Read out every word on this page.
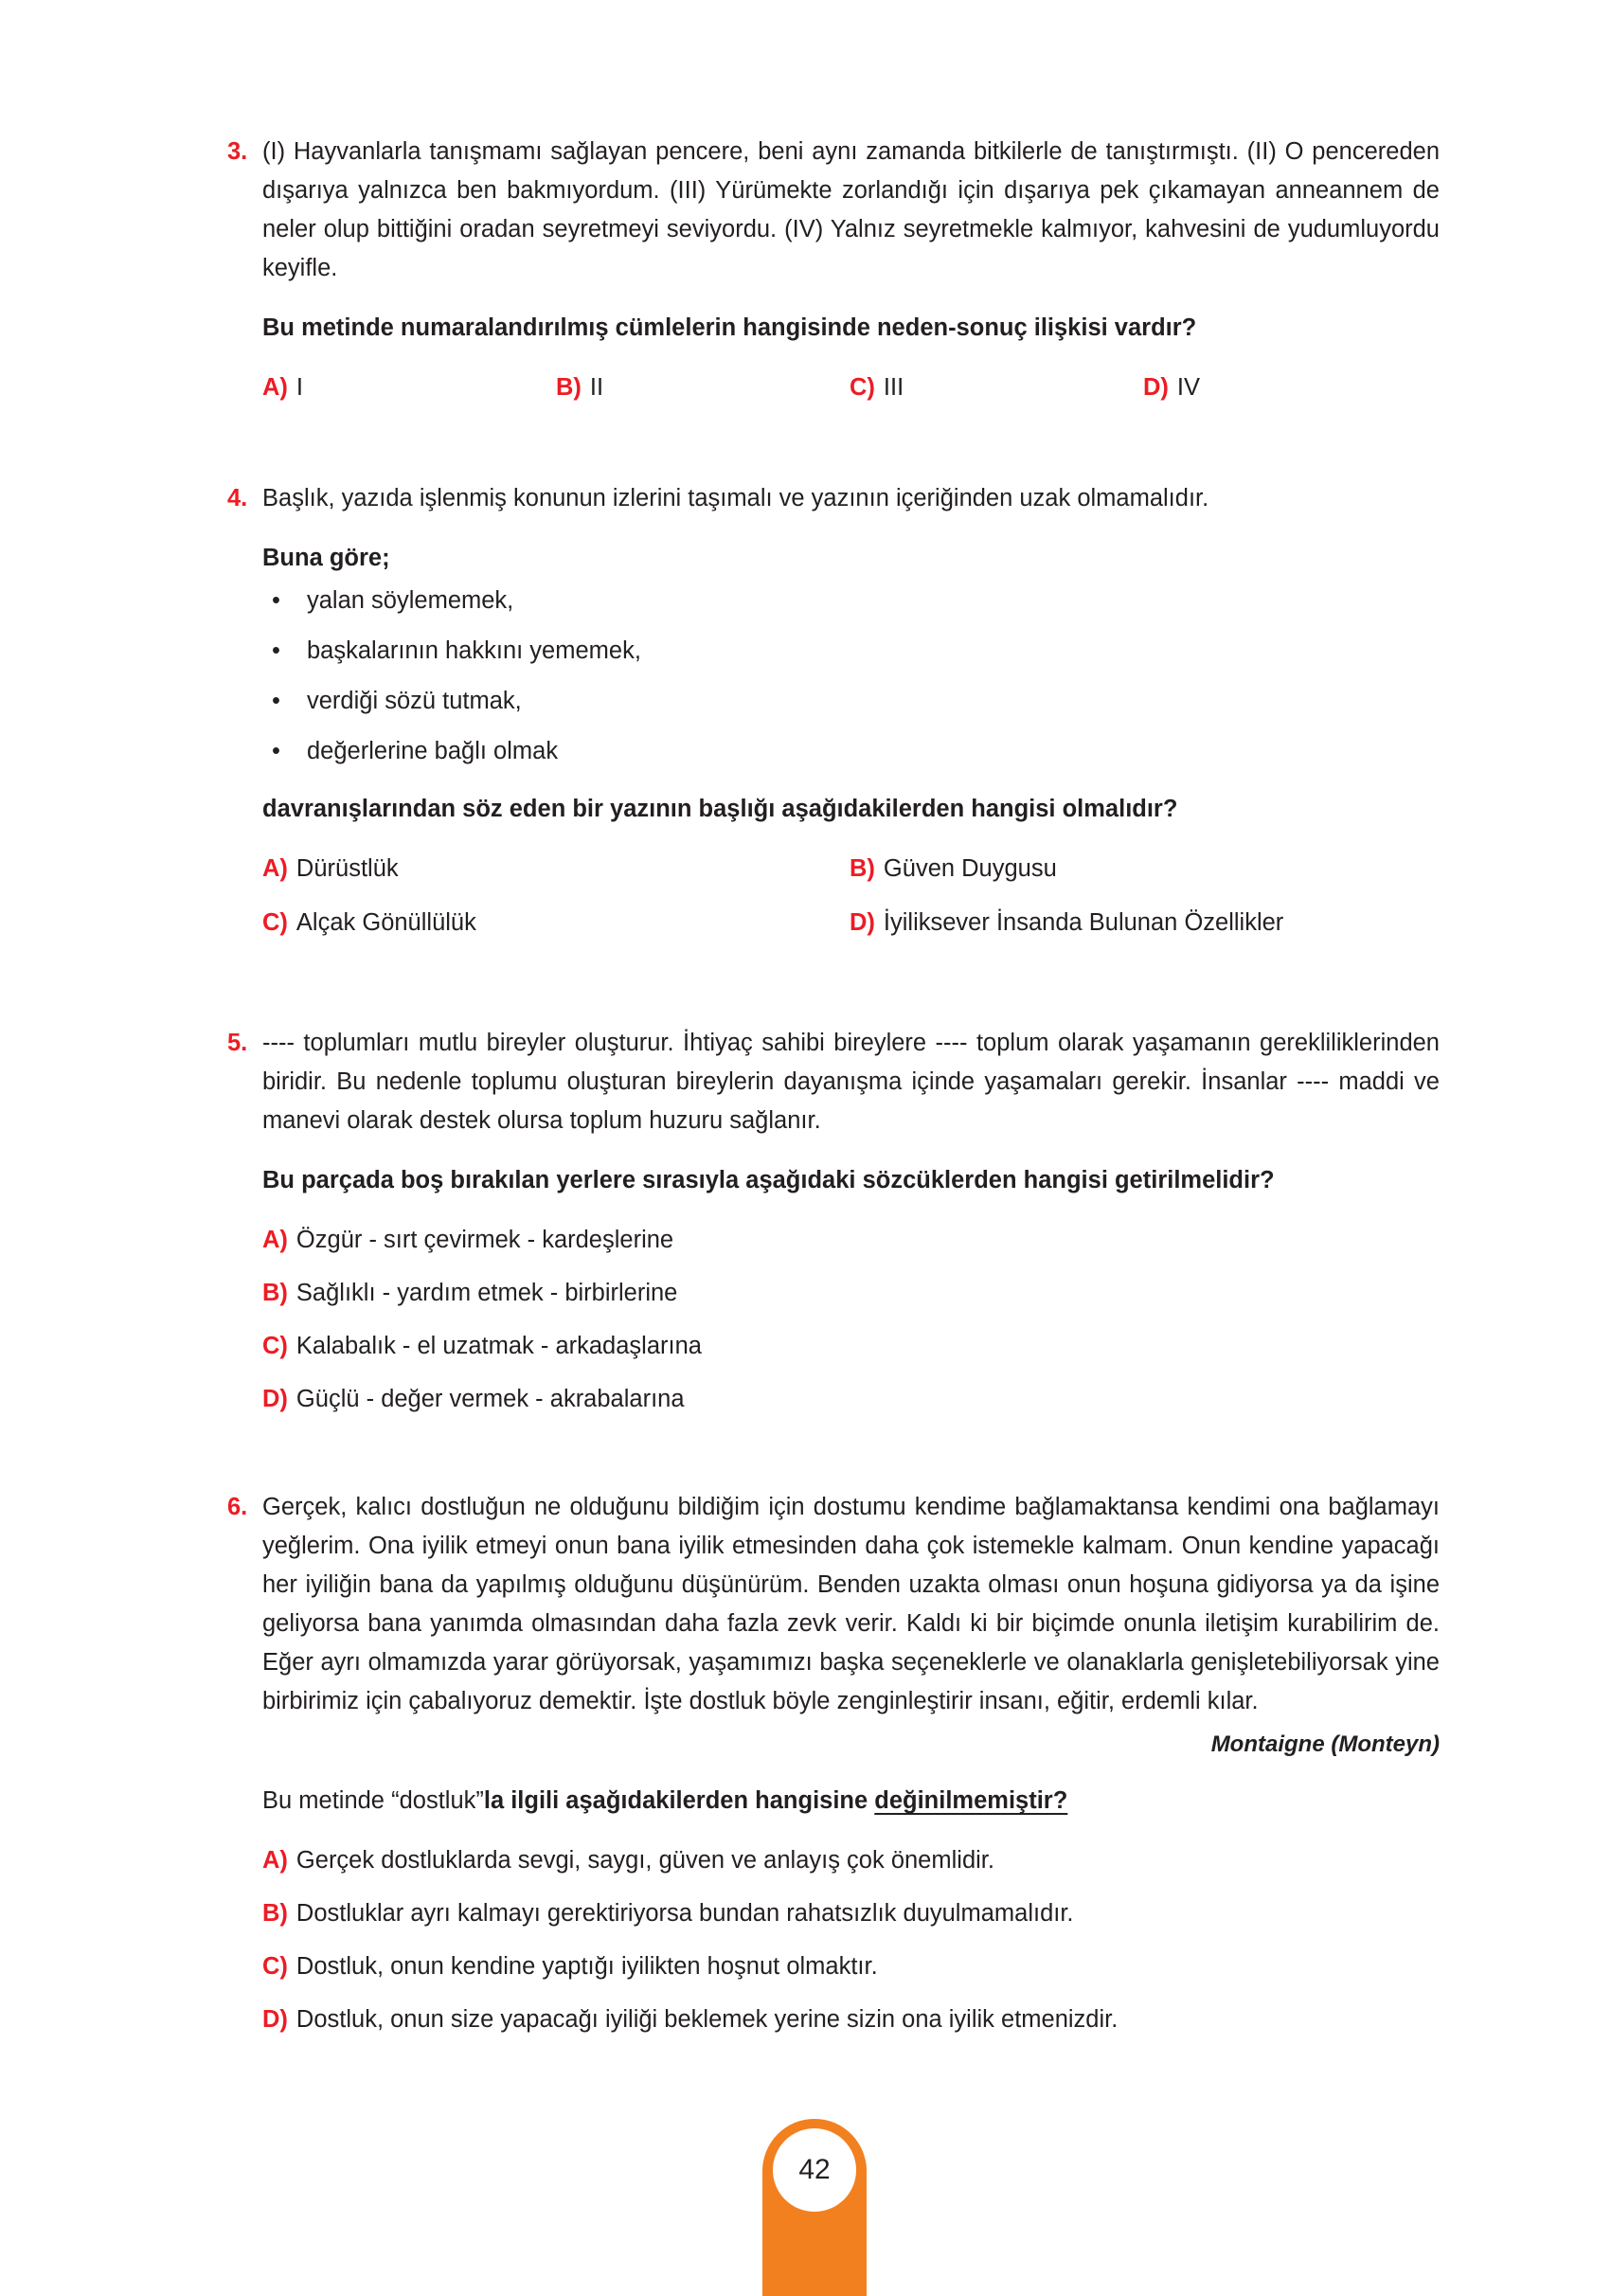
3. (I) Hayvanlarla tanışmamı sağlayan pencere, beni aynı zamanda bitkilerle de tanıştırmıştı. (II) O pencereden dışarıya yalnızca ben bakmıyordum. (III) Yürümekte zorlandığı için dışarıya pek çıkamayan anneannem de neler olup bittiğini oradan seyretmeyi seviyordu. (IV) Yalnız seyretmekle kalmıyor, kahvesini de yudumluyordu keyifle.

Bu metinde numaralandırılmış cümlelerin hangisinde neden-sonuç ilişkisi vardır?

A) I	B) II	C) III	D) IV
4. Başlık, yazıda işlenmiş konunun izlerini taşımalı ve yazının içeriğinden uzak olmamalıdır.

Buna göre;

• yalan söylememek,
• başkalarının hakkını yememek,
• verdiği sözü tutmak,
• değerlerine bağlı olmak

davranışlarından söz eden bir yazının başlığı aşağıdakilerden hangisi olmalıdır?

A) Dürüstlük	B) Güven Duygusu
C) Alçak Gönüllülük	D) İyiliksever İnsanda Bulunan Özellikler
5. ---- toplumları mutlu bireyler oluşturur. İhtiyaç sahibi bireylere ---- toplum olarak yaşamanın gerekliliklerinden biridir. Bu nedenle toplumu oluşturan bireylerin dayanışma içinde yaşamaları gerekir. İnsanlar ---- maddi ve manevi olarak destek olursa toplum huzuru sağlanır.

Bu parçada boş bırakılan yerlere sırasıyla aşağıdaki sözcüklerden hangisi getirilmelidir?

A) Özgür - sırt çevirmek - kardeşlerine
B) Sağlıklı - yardım etmek - birbirlerine
C) Kalabalık - el uzatmak - arkadaşlarına
D) Güçlü - değer vermek - akrabalarına
6. Gerçek, kalıcı dostluğun ne olduğunu bildiğim için dostumu kendime bağlamaktansa kendimi ona bağlamayı yeğlerim. Ona iyilik etmeyi onun bana iyilik etmesinden daha çok istemekle kalmam. Onun kendine yapacağı her iyiliğin bana da yapılmış olduğunu düşünürüm. Benden uzakta olması onun hoşuna gidiyorsa ya da işine geliyorsa bana yanımda olmasından daha fazla zevk verir. Kaldı ki bir biçimde onunla iletişim kurabilirim de. Eğer ayrı olmamızda yarar görüyorsak, yaşamımızı başka seçeneklerle ve olanaklarla genişletebiliyorsak yine birbirimiz için çabalıyoruz demektir. İşte dostluk böyle zenginleştirir insanı, eğitir, erdemli kılar.

Montaigne (Monteyn)

Bu metinde “dostluk”la ilgili aşağıdakilerden hangisine değinilmemiştir?

A) Gerçek dostluklarda sevgi, saygı, güven ve anlayış çok önemlidir.
B) Dostluklar ayrı kalmayı gerektiriyorsa bundan rahatsızlık duyulmamalıdır.
C) Dostluk, onun kendine yaptığı iyilikten hoşnut olmaktır.
D) Dostluk, onun size yapacağı iyiliği beklemek yerine sizin ona iyilik etmenizdir.
42
